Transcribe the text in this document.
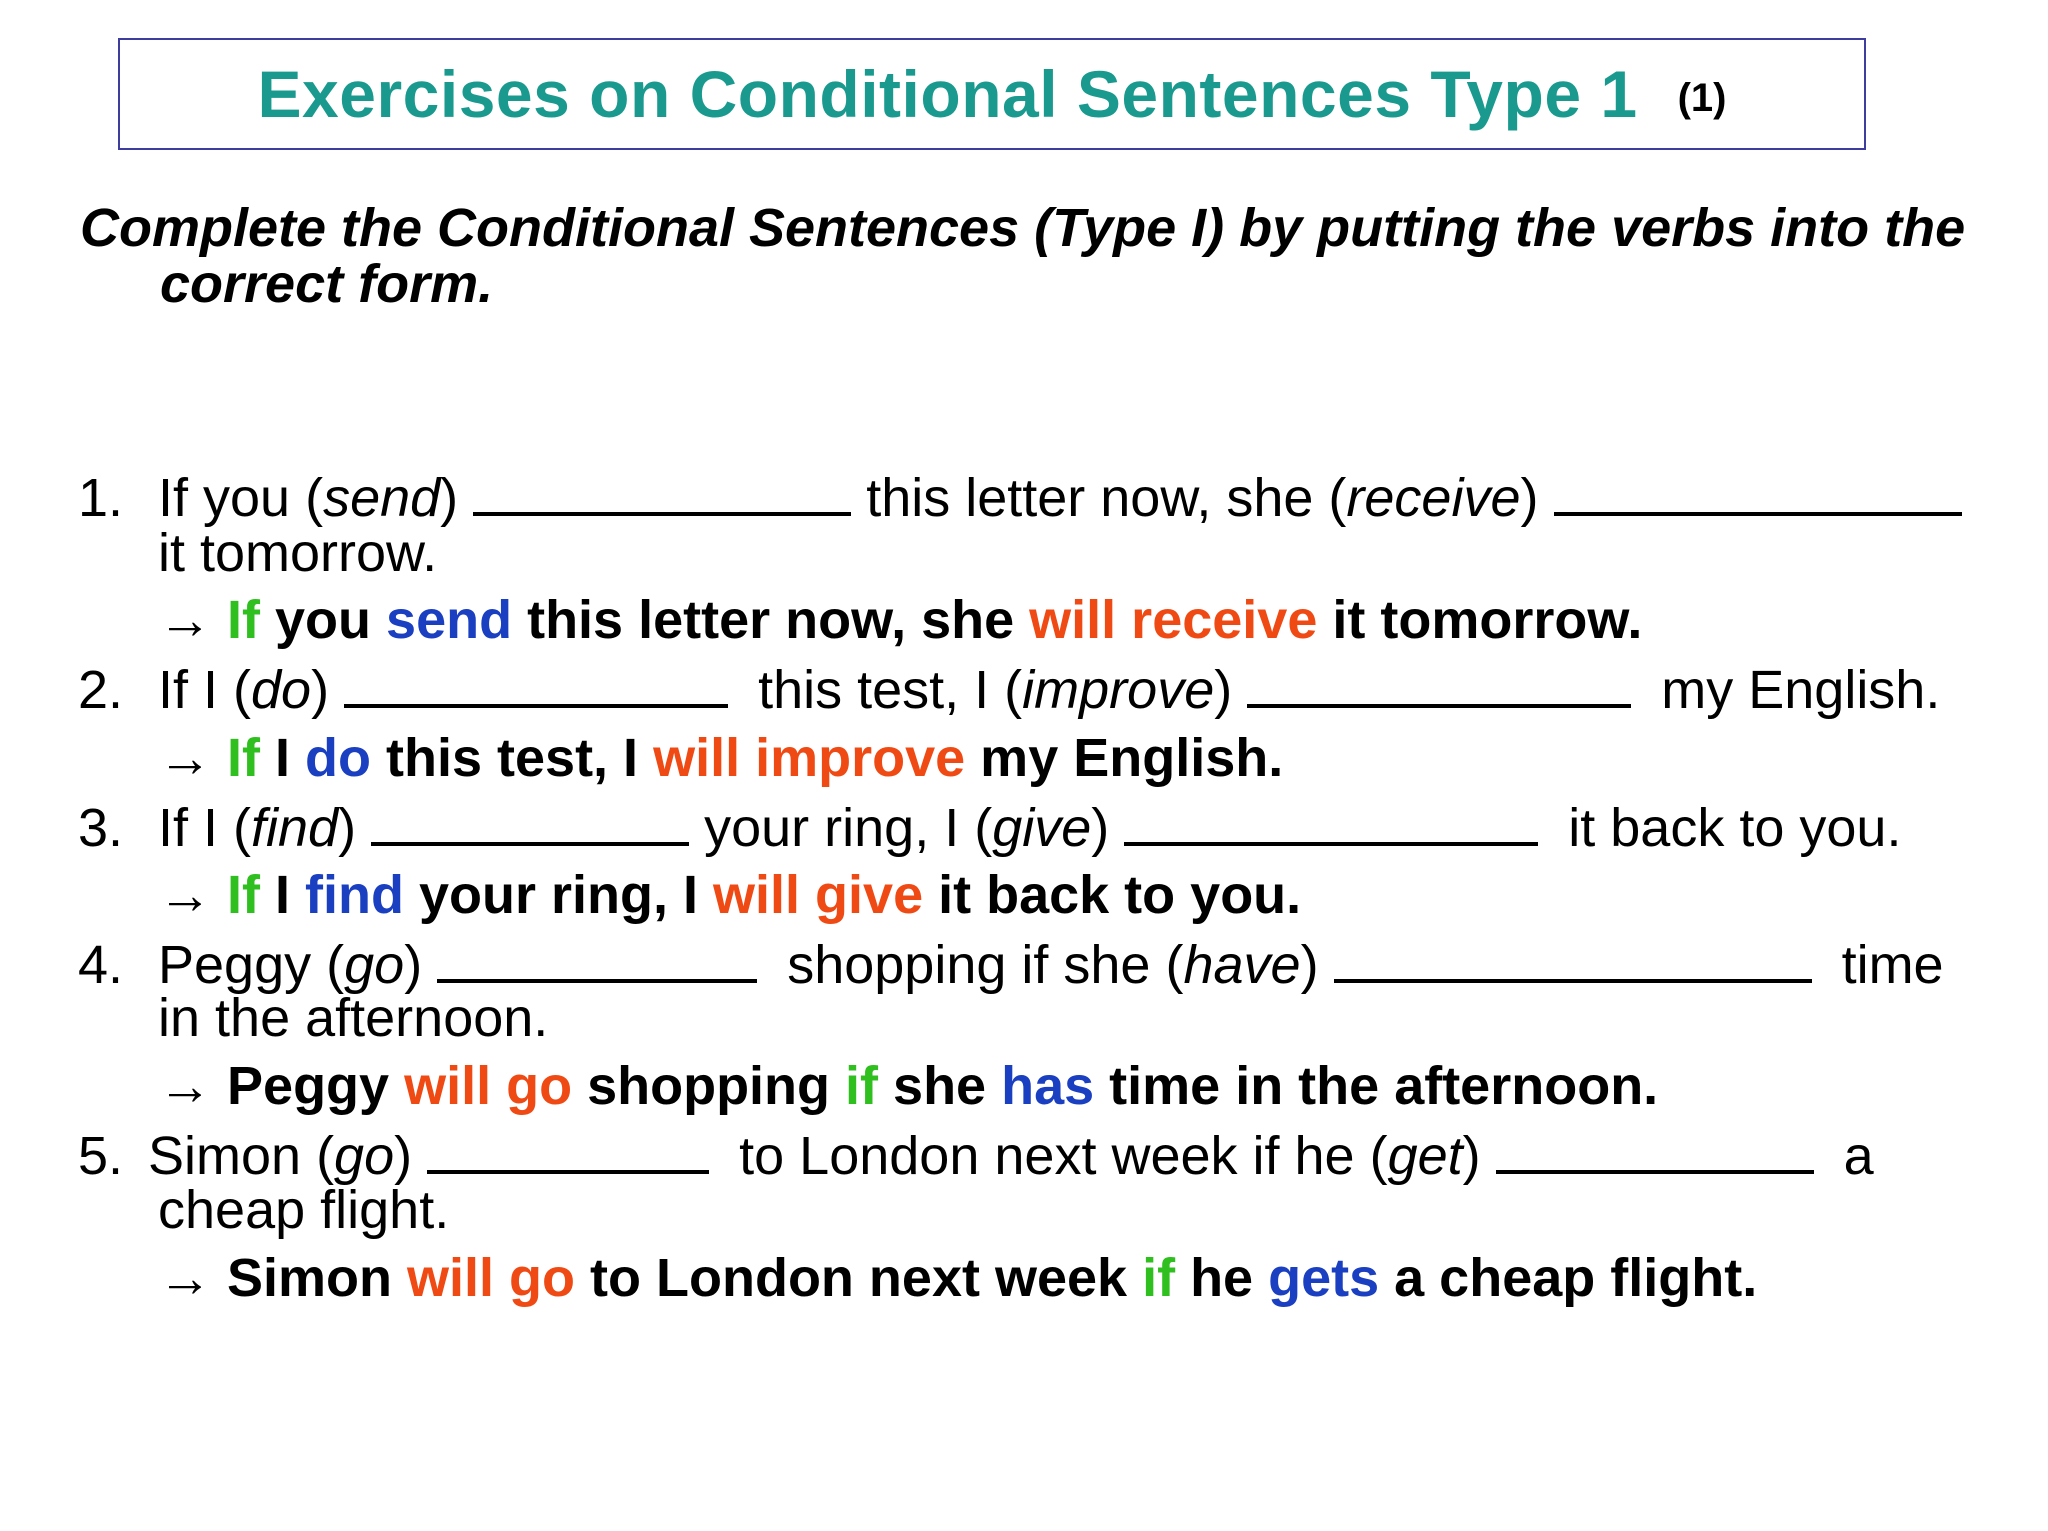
Exercises on Conditional Sentences Type 1 (1)
Complete the Conditional Sentences (Type I) by putting the verbs into the correct form.
1. If you (send)	this letter now, she (receive)
it tomorrow.
→ If you send this letter now, she will receive it tomorrow.
2. If I (do)	this test, I (improve)	my English.
→ If I do this test, I will improve my English.
3. If I (find)	your ring, I (give)	it back to you.
→ If I find your ring, I will give it back to you.
4. Peggy (go)	shopping if she (have)	time
in the afternoon.
→ Peggy will go shopping if she has time in the afternoon.
5. Simon (go)	to London next week if he (get)	a
cheap flight.
→ Simon will go to London next week if he gets a cheap flight.
